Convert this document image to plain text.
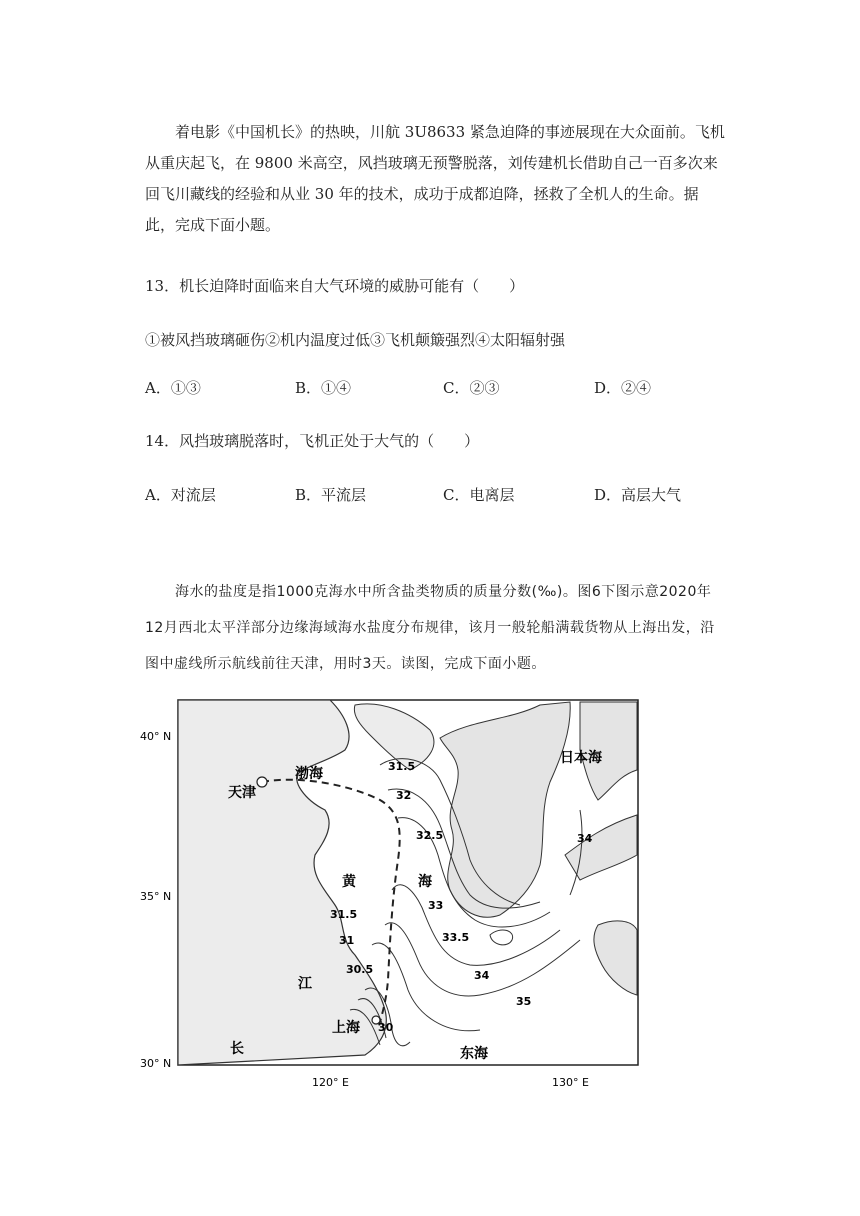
着电影《中国机长》的热映，川航 3U8633 紧急迫降的事迹展现在大众面前。飞机从重庆起飞，在 9800 米高空，风挡玻璃无预警脱落，刘传建机长借助自己一百多次来回飞川藏线的经验和从业 30 年的技术，成功于成都迫降，拯救了全机人的生命。据此，完成下面小题。
13．机长迫降时面临来自大气环境的威胁可能有（　　）
①被风挡玻璃砸伤②机内温度过低③飞机颠簸强烈④太阳辐射强
A．①③	B．①④	C．②③	D．②④
14．风挡玻璃脱落时，飞机正处于大气的（　　）
A．对流层	B．平流层	C．电离层	D．高层大气
海水的盐度是指1000克海水中所含盐类物质的质量分数(‰)。图6下图示意2020年12月西北太平洋部分边缘海域海水盐度分布规律，该月一般轮船满载货物从上海出发，沿图中虚线所示航线前往天津，用时3天。读图，完成下面小题。
40° N
35° N
30° N
120° E	130° E
天津
渤海
黄	海
日本海
江
上海
长	东海
31.5
32
32.5
33
33.5
34
35
34
31.5
31
30.5
30
